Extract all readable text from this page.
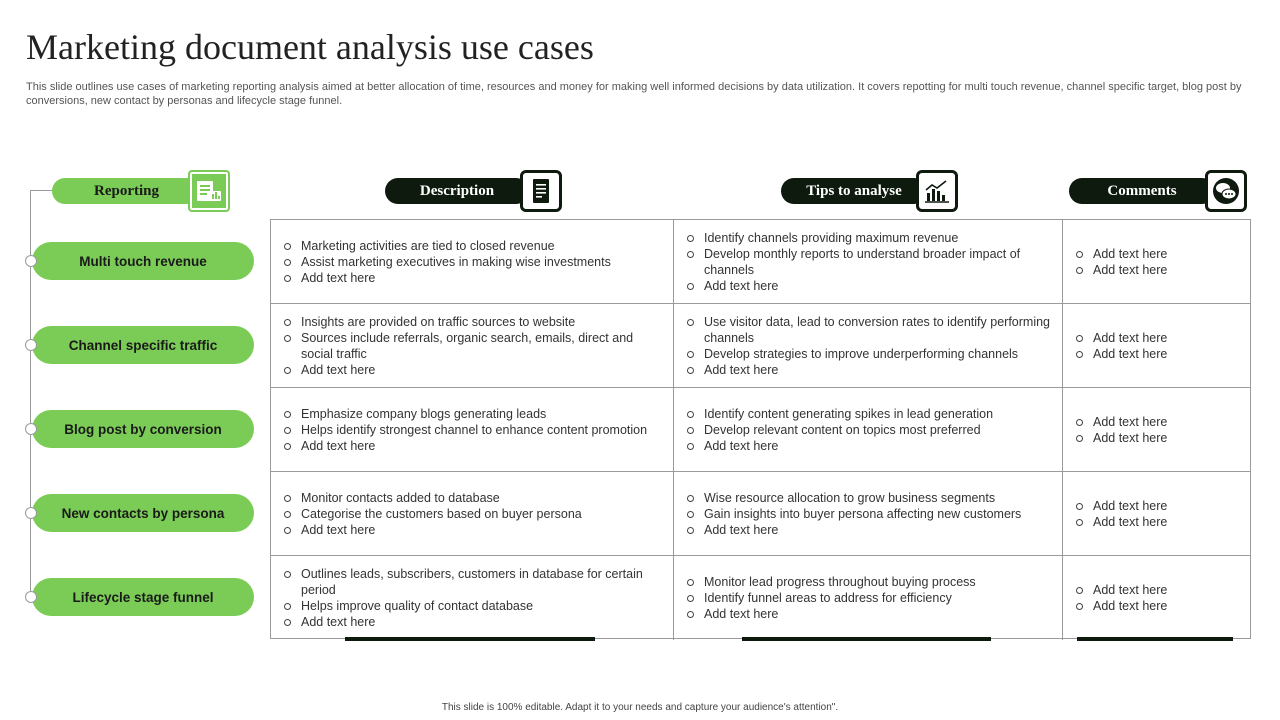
Marketing document analysis use cases

This slide outlines use cases of marketing reporting analysis aimed at better allocation of time, resources and money for making well informed decisions by data utilization. It covers repotting for multi touch revenue, channel specific target, blog post by conversions, new contact by personas and lifecycle stage funnel.

Reporting
Multi touch revenue
Channel specific traffic
Blog post by conversion
New contacts by persona
Lifecycle stage funnel
Description	Tips to analyse	Comments
Marketing activities are tied to closed revenue
Assist marketing executives in making wise investments
Add text here
Identify channels providing maximum revenue
Develop monthly reports to understand broader impact of channels
Add text here
Add text here
Add text here
Insights are provided on traffic sources to website
Sources include referrals, organic search, emails, direct and social traffic
Add text here
Use visitor data, lead to conversion rates to identify performing channels
Develop strategies to improve underperforming channels
Add text here
Add text here
Add text here
Emphasize company blogs generating leads
Helps identify strongest channel to enhance content promotion
Add text here
Identify content generating spikes in lead generation
Develop relevant content on topics most preferred
Add text here
Add text here
Add text here
Monitor contacts added to database
Categorise the customers based on buyer persona
Add text here
Wise resource allocation to grow business segments
Gain insights into buyer persona affecting new customers
Add text here
Add text here
Add text here
Outlines leads, subscribers, customers in database for certain period
Helps improve quality of contact database
Add text here
Monitor lead progress throughout buying process
Identify funnel areas to address for efficiency
Add text here
Add text here
Add text here
This slide is 100% editable. Adapt it to your needs and capture your audience's attention".
